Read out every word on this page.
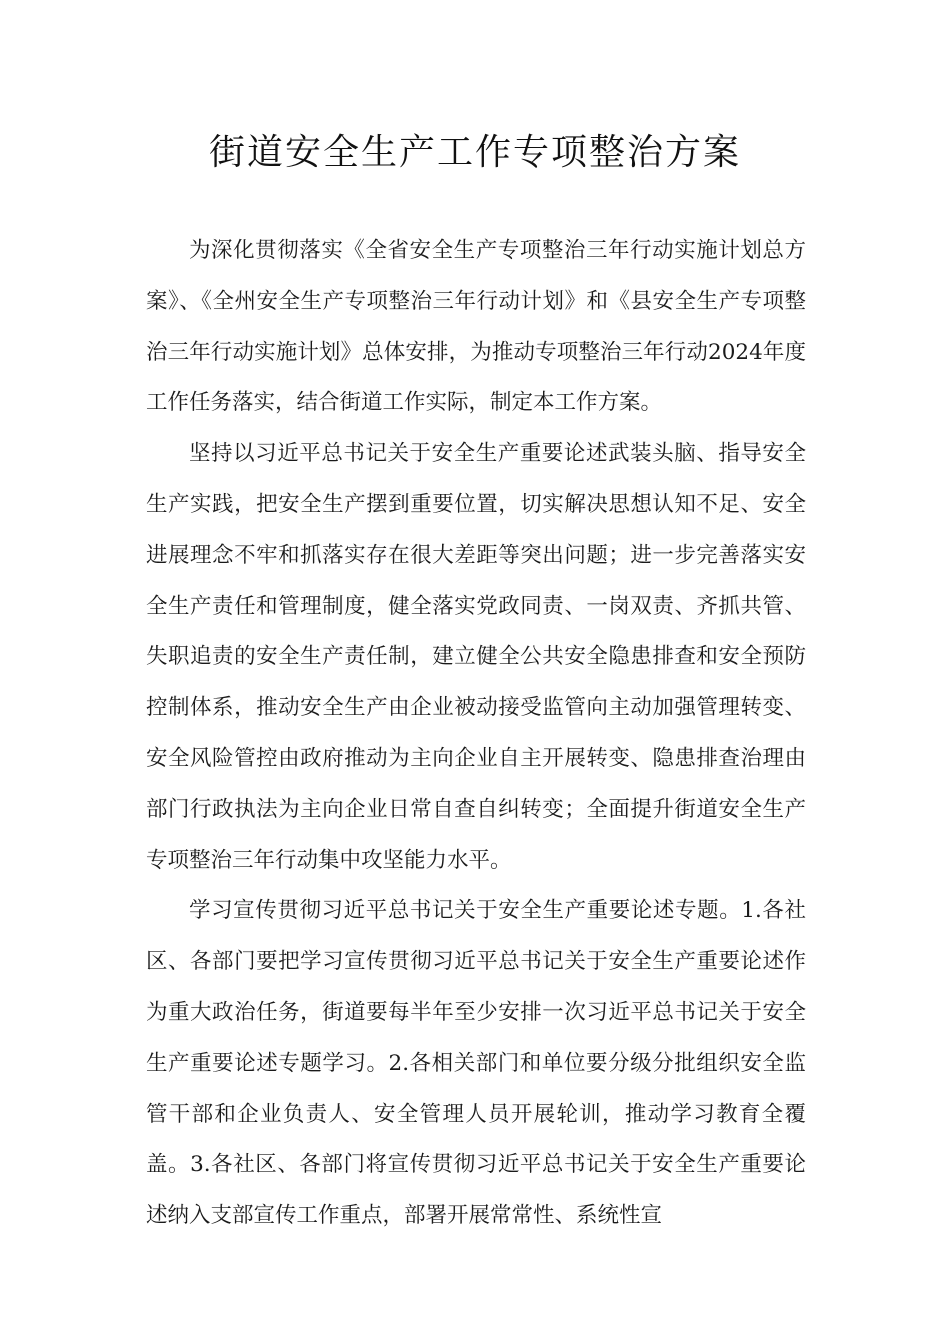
街道安全生产工作专项整治方案

为深化贯彻落实《全省安全生产专项整治三年行动实施计划总方案》、《全州安全生产专项整治三年行动计划》和《县安全生产专项整治三年行动实施计划》总体安排，为推动专项整治三年行动2024年度工作任务落实，结合街道工作实际，制定本工作方案。

坚持以习近平总书记关于安全生产重要论述武装头脑、指导安全生产实践，把安全生产摆到重要位置，切实解决思想认知不足、安全进展理念不牢和抓落实存在很大差距等突出问题；进一步完善落实安全生产责任和管理制度，健全落实党政同责、一岗双责、齐抓共管、失职追责的安全生产责任制，建立健全公共安全隐患排查和安全预防控制体系，推动安全生产由企业被动接受监管向主动加强管理转变、安全风险管控由政府推动为主向企业自主开展转变、隐患排查治理由部门行政执法为主向企业日常自查自纠转变；全面提升街道安全生产专项整治三年行动集中攻坚能力水平。

学习宣传贯彻习近平总书记关于安全生产重要论述专题。1.各社区、各部门要把学习宣传贯彻习近平总书记关于安全生产重要论述作为重大政治任务，街道要每半年至少安排一次习近平总书记关于安全生产重要论述专题学习。2.各相关部门和单位要分级分批组织安全监管干部和企业负责人、安全管理人员开展轮训，推动学习教育全覆盖。3.各社区、各部门将宣传贯彻习近平总书记关于安全生产重要论述纳入支部宣传工作重点，部署开展常常性、系统性宣
